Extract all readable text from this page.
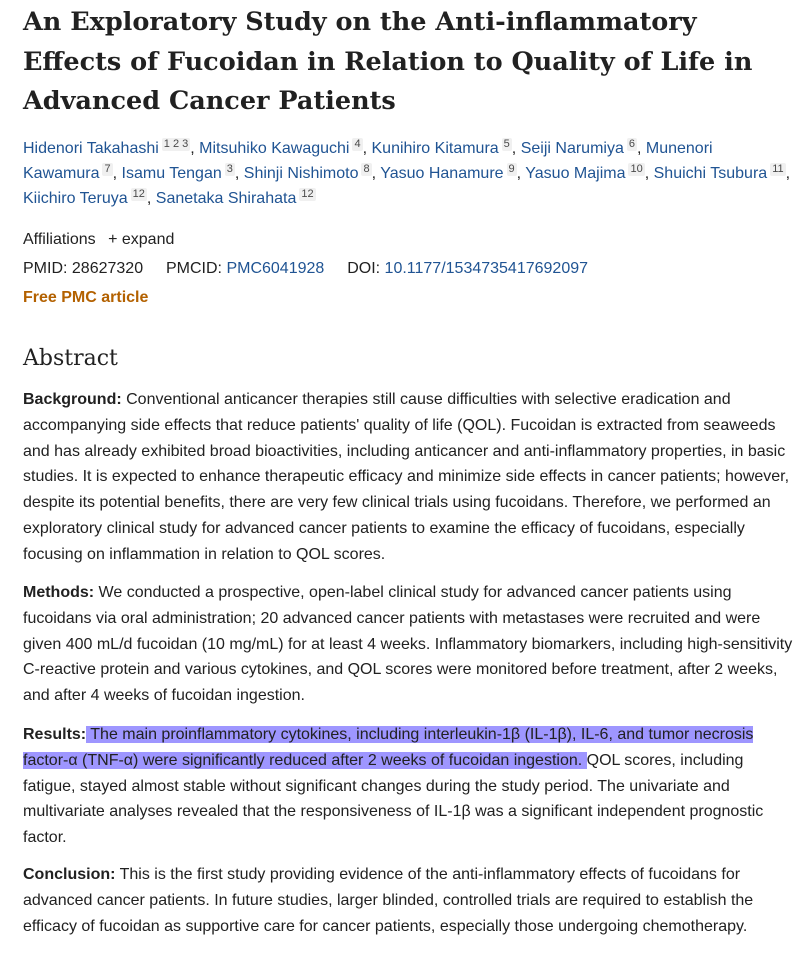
An Exploratory Study on the Anti-inflammatory Effects of Fucoidan in Relation to Quality of Life in Advanced Cancer Patients
Hidenori Takahashi 1 2 3 , Mitsuhiko Kawaguchi 4 , Kunihiro Kitamura 5 , Seiji Narumiya 6 , Munenori Kawamura 7 , Isamu Tengan 3 , Shinji Nishimoto 8 , Yasuo Hanamure 9 , Yasuo Majima 10 , Shuichi Tsubura 11 , Kiichiro Teruya 12 , Sanetaka Shirahata 12
Affiliations + expand
PMID: 28627320 PMCID: PMC6041928 DOI: 10.1177/1534735417692097
Free PMC article
Abstract

Background: Conventional anticancer therapies still cause difficulties with selective eradication and accompanying side effects that reduce patients' quality of life (QOL). Fucoidan is extracted from seaweeds and has already exhibited broad bioactivities, including anticancer and anti-inflammatory properties, in basic studies. It is expected to enhance therapeutic efficacy and minimize side effects in cancer patients; however, despite its potential benefits, there are very few clinical trials using fucoidans. Therefore, we performed an exploratory clinical study for advanced cancer patients to examine the efficacy of fucoidans, especially focusing on inflammation in relation to QOL scores.

Methods: We conducted a prospective, open-label clinical study for advanced cancer patients using fucoidans via oral administration; 20 advanced cancer patients with metastases were recruited and were given 400 mL/d fucoidan (10 mg/mL) for at least 4 weeks. Inflammatory biomarkers, including high-sensitivity C-reactive protein and various cytokines, and QOL scores were monitored before treatment, after 2 weeks, and after 4 weeks of fucoidan ingestion.

Results: The main proinflammatory cytokines, including interleukin-1β (IL-1β), IL-6, and tumor necrosis factor-α (TNF-α) were significantly reduced after 2 weeks of fucoidan ingestion. QOL scores, including fatigue, stayed almost stable without significant changes during the study period. The univariate and multivariate analyses revealed that the responsiveness of IL-1β was a significant independent prognostic factor.

Conclusion: This is the first study providing evidence of the anti-inflammatory effects of fucoidans for advanced cancer patients. In future studies, larger blinded, controlled trials are required to establish the efficacy of fucoidan as supportive care for cancer patients, especially those undergoing chemotherapy.
